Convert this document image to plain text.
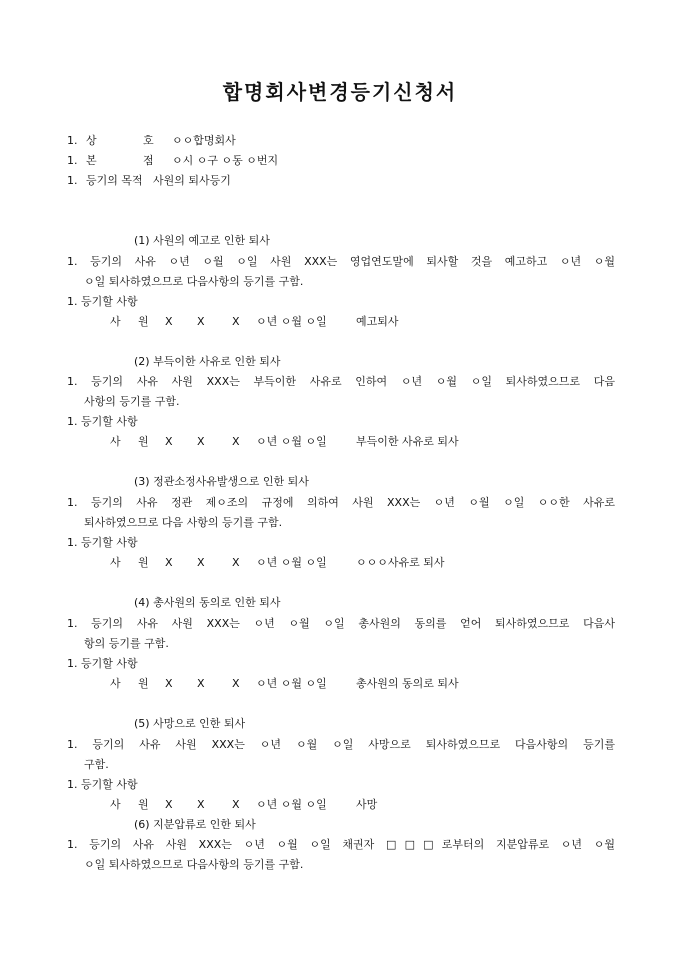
합명회사변경등기신청서
1. 상	호 ㅇㅇ합명회사
1. 본	점 ㅇ시 ㅇ구 ㅇ동 ㅇ번지
1. 등기의 목적 사원의 퇴사등기
(1) 사원의 예고로 인한 퇴사
1. 등기의 사유 ㅇ년 ㅇ월 ㅇ일 사원 XXX는 영업연도말에 퇴사할 것을 예고하고 ㅇ년 ㅇ월
ㅇ일 퇴사하였으므로 다음사항의 등기를 구함.
1. 등기할 사항
사 원 X X X ㅇ년 ㅇ월 ㅇ일	예고퇴사
(2) 부득이한 사유로 인한 퇴사
1. 등기의 사유 사원 XXX는 부득이한 사유로 인하여 ㅇ년 ㅇ월 ㅇ일 퇴사하였으므로 다음
사항의 등기를 구함.
1. 등기할 사항
사 원 X X X ㅇ년 ㅇ월 ㅇ일	부득이한 사유로 퇴사
(3) 정관소정사유발생으로 인한 퇴사
1. 등기의 사유 정관 제ㅇ조의 규정에 의하여 사원 XXX는 ㅇ년 ㅇ월 ㅇ일 ㅇㅇ한 사유로
퇴사하였으므로 다음 사항의 등기를 구함.
1. 등기할 사항
사 원 X X X ㅇ년 ㅇ월 ㅇ일	ㅇㅇㅇ사유로 퇴사
(4) 총사원의 동의로 인한 퇴사
1. 등기의 사유 사원 XXX는 ㅇ년 ㅇ월 ㅇ일 총사원의 동의를 얻어 퇴사하였으므로 다음사
항의 등기를 구함.
1. 등기할 사항
사 원 X X X ㅇ년 ㅇ월 ㅇ일	총사원의 동의로 퇴사
(5) 사망으로 인한 퇴사
1. 등기의 사유 사원 XXX는 ㅇ년 ㅇ월 ㅇ일 사망으로 퇴사하였으므로 다음사항의 등기를
구함.
1. 등기할 사항
사 원 X X X ㅇ년 ㅇ월 ㅇ일	사망
(6) 지분압류로 인한 퇴사
1. 등기의 사유 사원 XXX는 ㅇ년 ㅇ월 ㅇ일 채권자 □□□로부터의 지분압류로 ㅇ년 ㅇ월
ㅇ일 퇴사하였으므로 다음사항의 등기를 구함.
